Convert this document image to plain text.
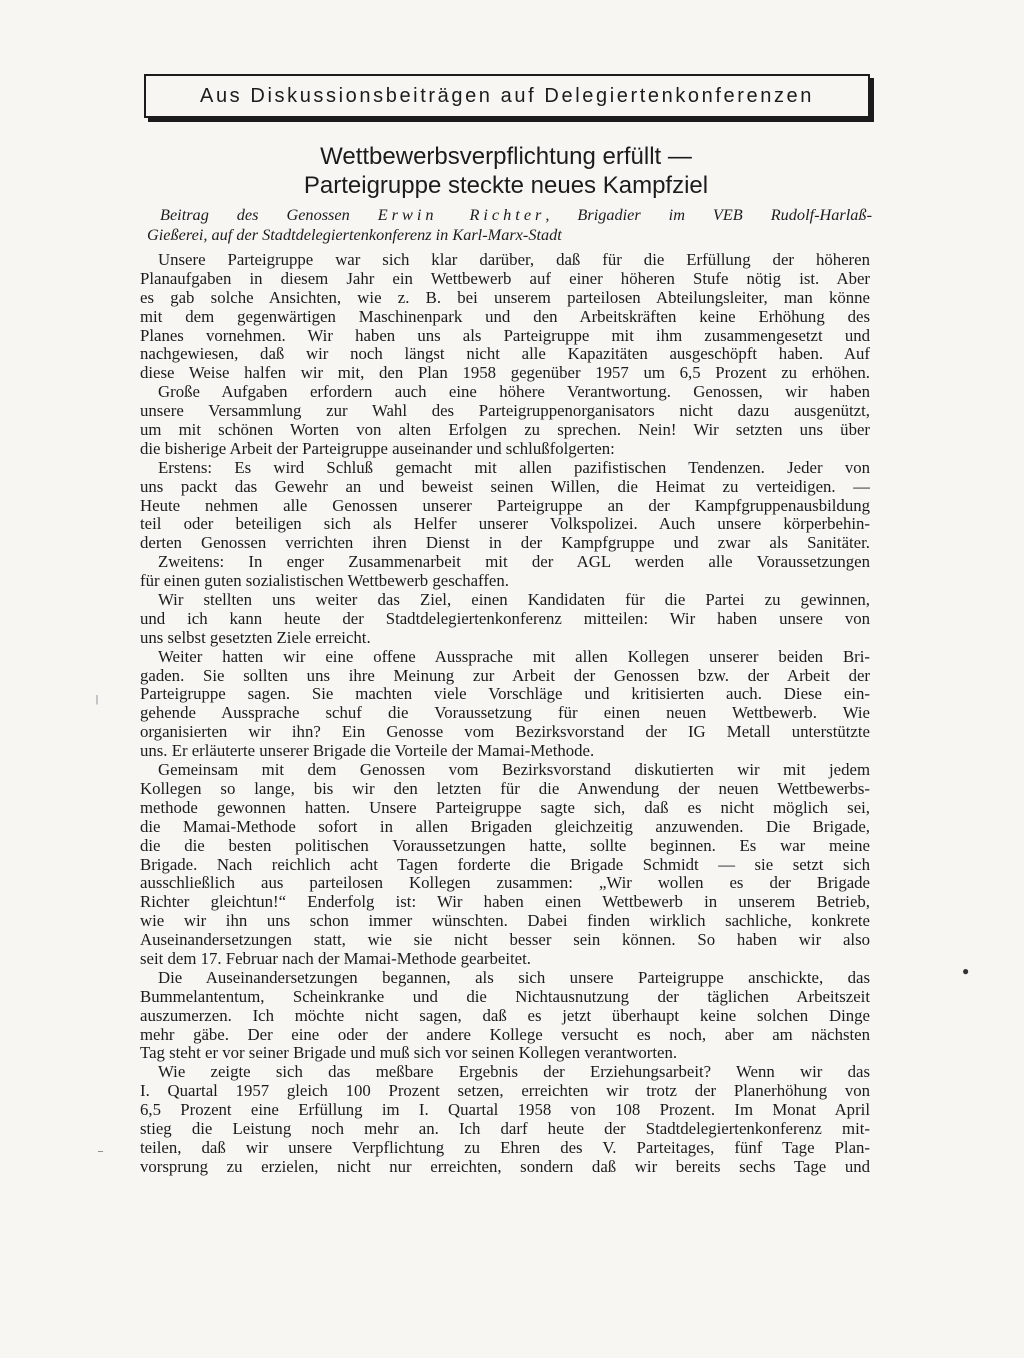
Aus Diskussionsbeiträgen auf Delegiertenkonferenzen
Wettbewerbsverpflichtung erfüllt —
Parteigruppe steckte neues Kampfziel
Beitrag des Genossen Erwin Richter, Brigadier im VEB Rudolf-Harlaß-
Gießerei, auf der Stadtdelegiertenkonferenz in Karl-Marx-Stadt
Unsere Parteigruppe war sich klar darüber, daß für die Erfüllung der höheren
Planaufgaben in diesem Jahr ein Wettbewerb auf einer höheren Stufe nötig ist. Aber
es gab solche Ansichten, wie z. B. bei unserem parteilosen Abteilungsleiter, man könne
mit dem gegenwärtigen Maschinenpark und den Arbeitskräften keine Erhöhung des
Planes vornehmen. Wir haben uns als Parteigruppe mit ihm zusammengesetzt und
nachgewiesen, daß wir noch längst nicht alle Kapazitäten ausgeschöpft haben. Auf
diese Weise halfen wir mit, den Plan 1958 gegenüber 1957 um 6,5 Prozent zu erhöhen.
Große Aufgaben erfordern auch eine höhere Verantwortung. Genossen, wir haben
unsere Versammlung zur Wahl des Parteigruppenorganisators nicht dazu ausgenützt,
um mit schönen Worten von alten Erfolgen zu sprechen. Nein! Wir setzten uns über
die bisherige Arbeit der Parteigruppe auseinander und schlußfolgerten:
Erstens: Es wird Schluß gemacht mit allen pazifistischen Tendenzen. Jeder von
uns packt das Gewehr an und beweist seinen Willen, die Heimat zu verteidigen. —
Heute nehmen alle Genossen unserer Parteigruppe an der Kampfgruppenausbildung
teil oder beteiligen sich als Helfer unserer Volkspolizei. Auch unsere körperbehin-
derten Genossen verrichten ihren Dienst in der Kampfgruppe und zwar als Sanitäter.
Zweitens: In enger Zusammenarbeit mit der AGL werden alle Voraussetzungen
für einen guten sozialistischen Wettbewerb geschaffen.
Wir stellten uns weiter das Ziel, einen Kandidaten für die Partei zu gewinnen,
und ich kann heute der Stadtdelegiertenkonferenz mitteilen: Wir haben unsere von
uns selbst gesetzten Ziele erreicht.
Weiter hatten wir eine offene Aussprache mit allen Kollegen unserer beiden Bri-
gaden. Sie sollten uns ihre Meinung zur Arbeit der Genossen bzw. der Arbeit der
Parteigruppe sagen. Sie machten viele Vorschläge und kritisierten auch. Diese ein-
gehende Aussprache schuf die Voraussetzung für einen neuen Wettbewerb. Wie
organisierten wir ihn? Ein Genosse vom Bezirksvorstand der IG Metall unterstützte
uns. Er erläuterte unserer Brigade die Vorteile der Mamai-Methode.
Gemeinsam mit dem Genossen vom Bezirksvorstand diskutierten wir mit jedem
Kollegen so lange, bis wir den letzten für die Anwendung der neuen Wettbewerbs-
methode gewonnen hatten. Unsere Parteigruppe sagte sich, daß es nicht möglich sei,
die Mamai-Methode sofort in allen Brigaden gleichzeitig anzuwenden. Die Brigade,
die die besten politischen Voraussetzungen hatte, sollte beginnen. Es war meine
Brigade. Nach reichlich acht Tagen forderte die Brigade Schmidt — sie setzt sich
ausschließlich aus parteilosen Kollegen zusammen: „Wir wollen es der Brigade
Richter gleichtun!“ Enderfolg ist: Wir haben einen Wettbewerb in unserem Betrieb,
wie wir ihn uns schon immer wünschten. Dabei finden wirklich sachliche, konkrete
Auseinandersetzungen statt, wie sie nicht besser sein können. So haben wir also
seit dem 17. Februar nach der Mamai-Methode gearbeitet.
Die Auseinandersetzungen begannen, als sich unsere Parteigruppe anschickte, das
Bummelantentum, Scheinkranke und die Nichtausnutzung der täglichen Arbeitszeit
auszumerzen. Ich möchte nicht sagen, daß es jetzt überhaupt keine solchen Dinge
mehr gäbe. Der eine oder der andere Kollege versucht es noch, aber am nächsten
Tag steht er vor seiner Brigade und muß sich vor seinen Kollegen verantworten.
Wie zeigte sich das meßbare Ergebnis der Erziehungsarbeit? Wenn wir das
I. Quartal 1957 gleich 100 Prozent setzen, erreichten wir trotz der Planerhöhung von
6,5 Prozent eine Erfüllung im I. Quartal 1958 von 108 Prozent. Im Monat April
stieg die Leistung noch mehr an. Ich darf heute der Stadtdelegiertenkonferenz mit-
teilen, daß wir unsere Verpflichtung zu Ehren des V. Parteitages, fünf Tage Plan-
vorsprung zu erzielen, nicht nur erreichten, sondern daß wir bereits sechs Tage und
|
●
–
